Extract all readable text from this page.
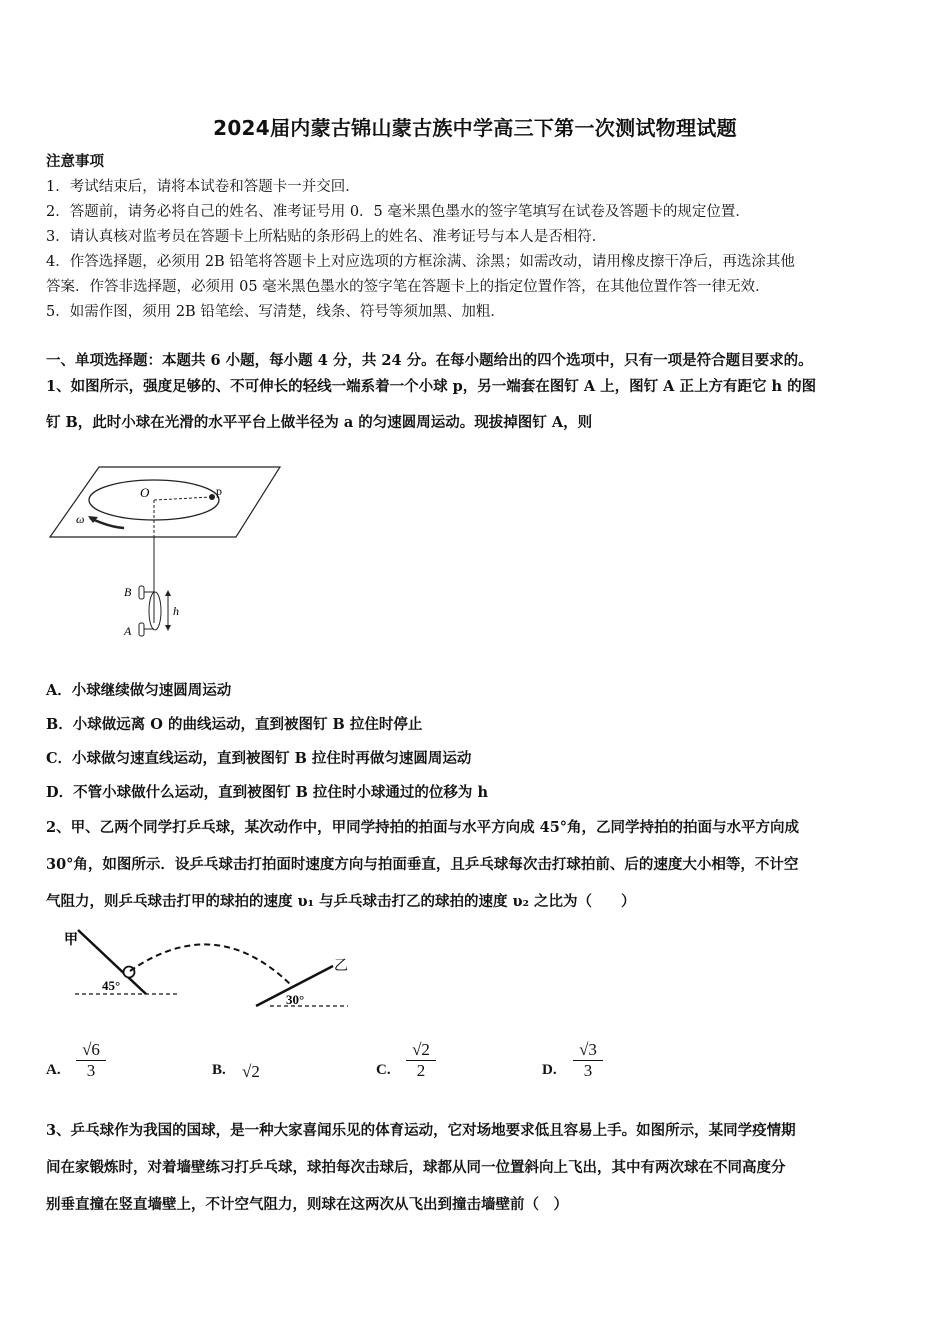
2024届内蒙古锦山蒙古族中学高三下第一次测试物理试题
注意事项
1．考试结束后，请将本试卷和答题卡一并交回．
2．答题前，请务必将自己的姓名、准考证号用 0．5 毫米黑色墨水的签字笔填写在试卷及答题卡的规定位置．
3．请认真核对监考员在答题卡上所粘贴的条形码上的姓名、准考证号与本人是否相符．
4．作答选择题，必须用 2B 铅笔将答题卡上对应选项的方框涂满、涂黑；如需改动，请用橡皮擦干净后，再选涂其他
答案．作答非选择题，必须用 05 毫米黑色墨水的签字笔在答题卡上的指定位置作答，在其他位置作答一律无效．
5．如需作图，须用 2B 铅笔绘、写清楚，线条、符号等须加黑、加粗．
一、单项选择题：本题共 6 小题，每小题 4 分，共 24 分。在每小题给出的四个选项中，只有一项是符合题目要求的。
1、如图所示，强度足够的、不可伸长的轻线一端系着一个小球 p，另一端套在图钉 A 上，图钉 A 正上方有距它 h 的图
钉 B，此时小球在光滑的水平平台上做半径为 a 的匀速圆周运动。现拔掉图钉 A，则
O	p
ω
B
A
h
A．小球继续做匀速圆周运动
B．小球做远离 O 的曲线运动，直到被图钉 B 拉住时停止
C．小球做匀速直线运动，直到被图钉 B 拉住时再做匀速圆周运动
D．不管小球做什么运动，直到被图钉 B 拉住时小球通过的位移为 h
2、甲、乙两个同学打乒乓球，某次动作中，甲同学持拍的拍面与水平方向成 45°角，乙同学持拍的拍面与水平方向成
30°角，如图所示．设乒乓球击打拍面时速度方向与拍面垂直，且乒乓球每次击打球拍前、后的速度大小相等，不计空
气阻力，则乒乓球击打甲的球拍的速度 υ₁ 与乒乓球击打乙的球拍的速度 υ₂ 之比为（　　）
甲
乙
45°
30°
A. $\frac{√6}{3}$	B. √2	C. $\frac{√2}{2}$	D. $\frac{√3}{3}$
3、乒乓球作为我国的国球，是一种大家喜闻乐见的体育运动，它对场地要求低且容易上手。如图所示，某同学疫情期
间在家锻炼时，对着墙壁练习打乒乓球，球拍每次击球后，球都从同一位置斜向上飞出，其中有两次球在不同高度分
别垂直撞在竖直墙壁上，不计空气阻力，则球在这两次从飞出到撞击墙壁前（　）
